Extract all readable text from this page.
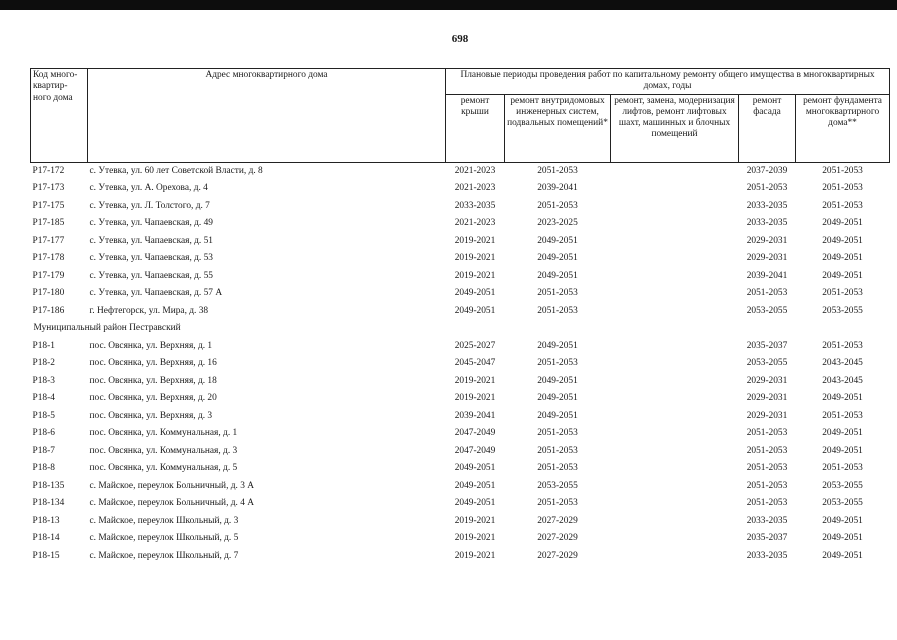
698
Код много-квартир-ного дома	Адрес многоквартирного дома	Плановые периоды проведения работ по капитальному ремонту общего имущества в многоквартирных домах, годы				
		ремонт крыши	ремонт внутридомовых инженерных систем, подвальных помещений*	ремонт, замена, модернизация лифтов, ремонт лифтовых шахт, машинных и блочных помещений	ремонт фасада	ремонт фундамента многоквартирного дома**
P17-172	с. Утевка, ул. 60 лет Советской Власти, д. 8	2021-2023	2051-2053		2037-2039	2051-2053
P17-173	с. Утевка, ул. А. Орехова, д. 4	2021-2023	2039-2041		2051-2053	2051-2053
P17-175	с. Утевка, ул. Л. Толстого, д. 7	2033-2035	2051-2053		2033-2035	2051-2053
P17-185	с. Утевка, ул. Чапаевская, д. 49	2021-2023	2023-2025		2033-2035	2049-2051
P17-177	с. Утевка, ул. Чапаевская, д. 51	2019-2021	2049-2051		2029-2031	2049-2051
P17-178	с. Утевка, ул. Чапаевская, д. 53	2019-2021	2049-2051		2029-2031	2049-2051
P17-179	с. Утевка, ул. Чапаевская, д. 55	2019-2021	2049-2051		2039-2041	2049-2051
P17-180	с. Утевка, ул. Чапаевская, д. 57 А	2049-2051	2051-2053		2051-2053	2051-2053
P17-186	г. Нефтегорск, ул. Мира, д. 38	2049-2051	2051-2053		2053-2055	2053-2055
Муниципальный район Пестравский						
P18-1	пос. Овсянка, ул. Верхняя, д. 1	2025-2027	2049-2051		2035-2037	2051-2053
P18-2	пос. Овсянка, ул. Верхняя, д. 16	2045-2047	2051-2053		2053-2055	2043-2045
P18-3	пос. Овсянка, ул. Верхняя, д. 18	2019-2021	2049-2051		2029-2031	2043-2045
P18-4	пос. Овсянка, ул. Верхняя, д. 20	2019-2021	2049-2051		2029-2031	2049-2051
P18-5	пос. Овсянка, ул. Верхняя, д. 3	2039-2041	2049-2051		2029-2031	2051-2053
P18-6	пос. Овсянка, ул. Коммунальная, д. 1	2047-2049	2051-2053		2051-2053	2049-2051
P18-7	пос. Овсянка, ул. Коммунальная, д. 3	2047-2049	2051-2053		2051-2053	2049-2051
P18-8	пос. Овсянка, ул. Коммунальная, д. 5	2049-2051	2051-2053		2051-2053	2051-2053
P18-135	с. Майское, переулок Больничный, д. 3 А	2049-2051	2053-2055		2051-2053	2053-2055
P18-134	с. Майское, переулок Больничный, д. 4 А	2049-2051	2051-2053		2051-2053	2053-2055
P18-13	с. Майское, переулок Школьный, д. 3	2019-2021	2027-2029		2033-2035	2049-2051
P18-14	с. Майское, переулок Школьный, д. 5	2019-2021	2027-2029		2035-2037	2049-2051
P18-15	с. Майское, переулок Школьный, д. 7	2019-2021	2027-2029		2033-2035	2049-2051
